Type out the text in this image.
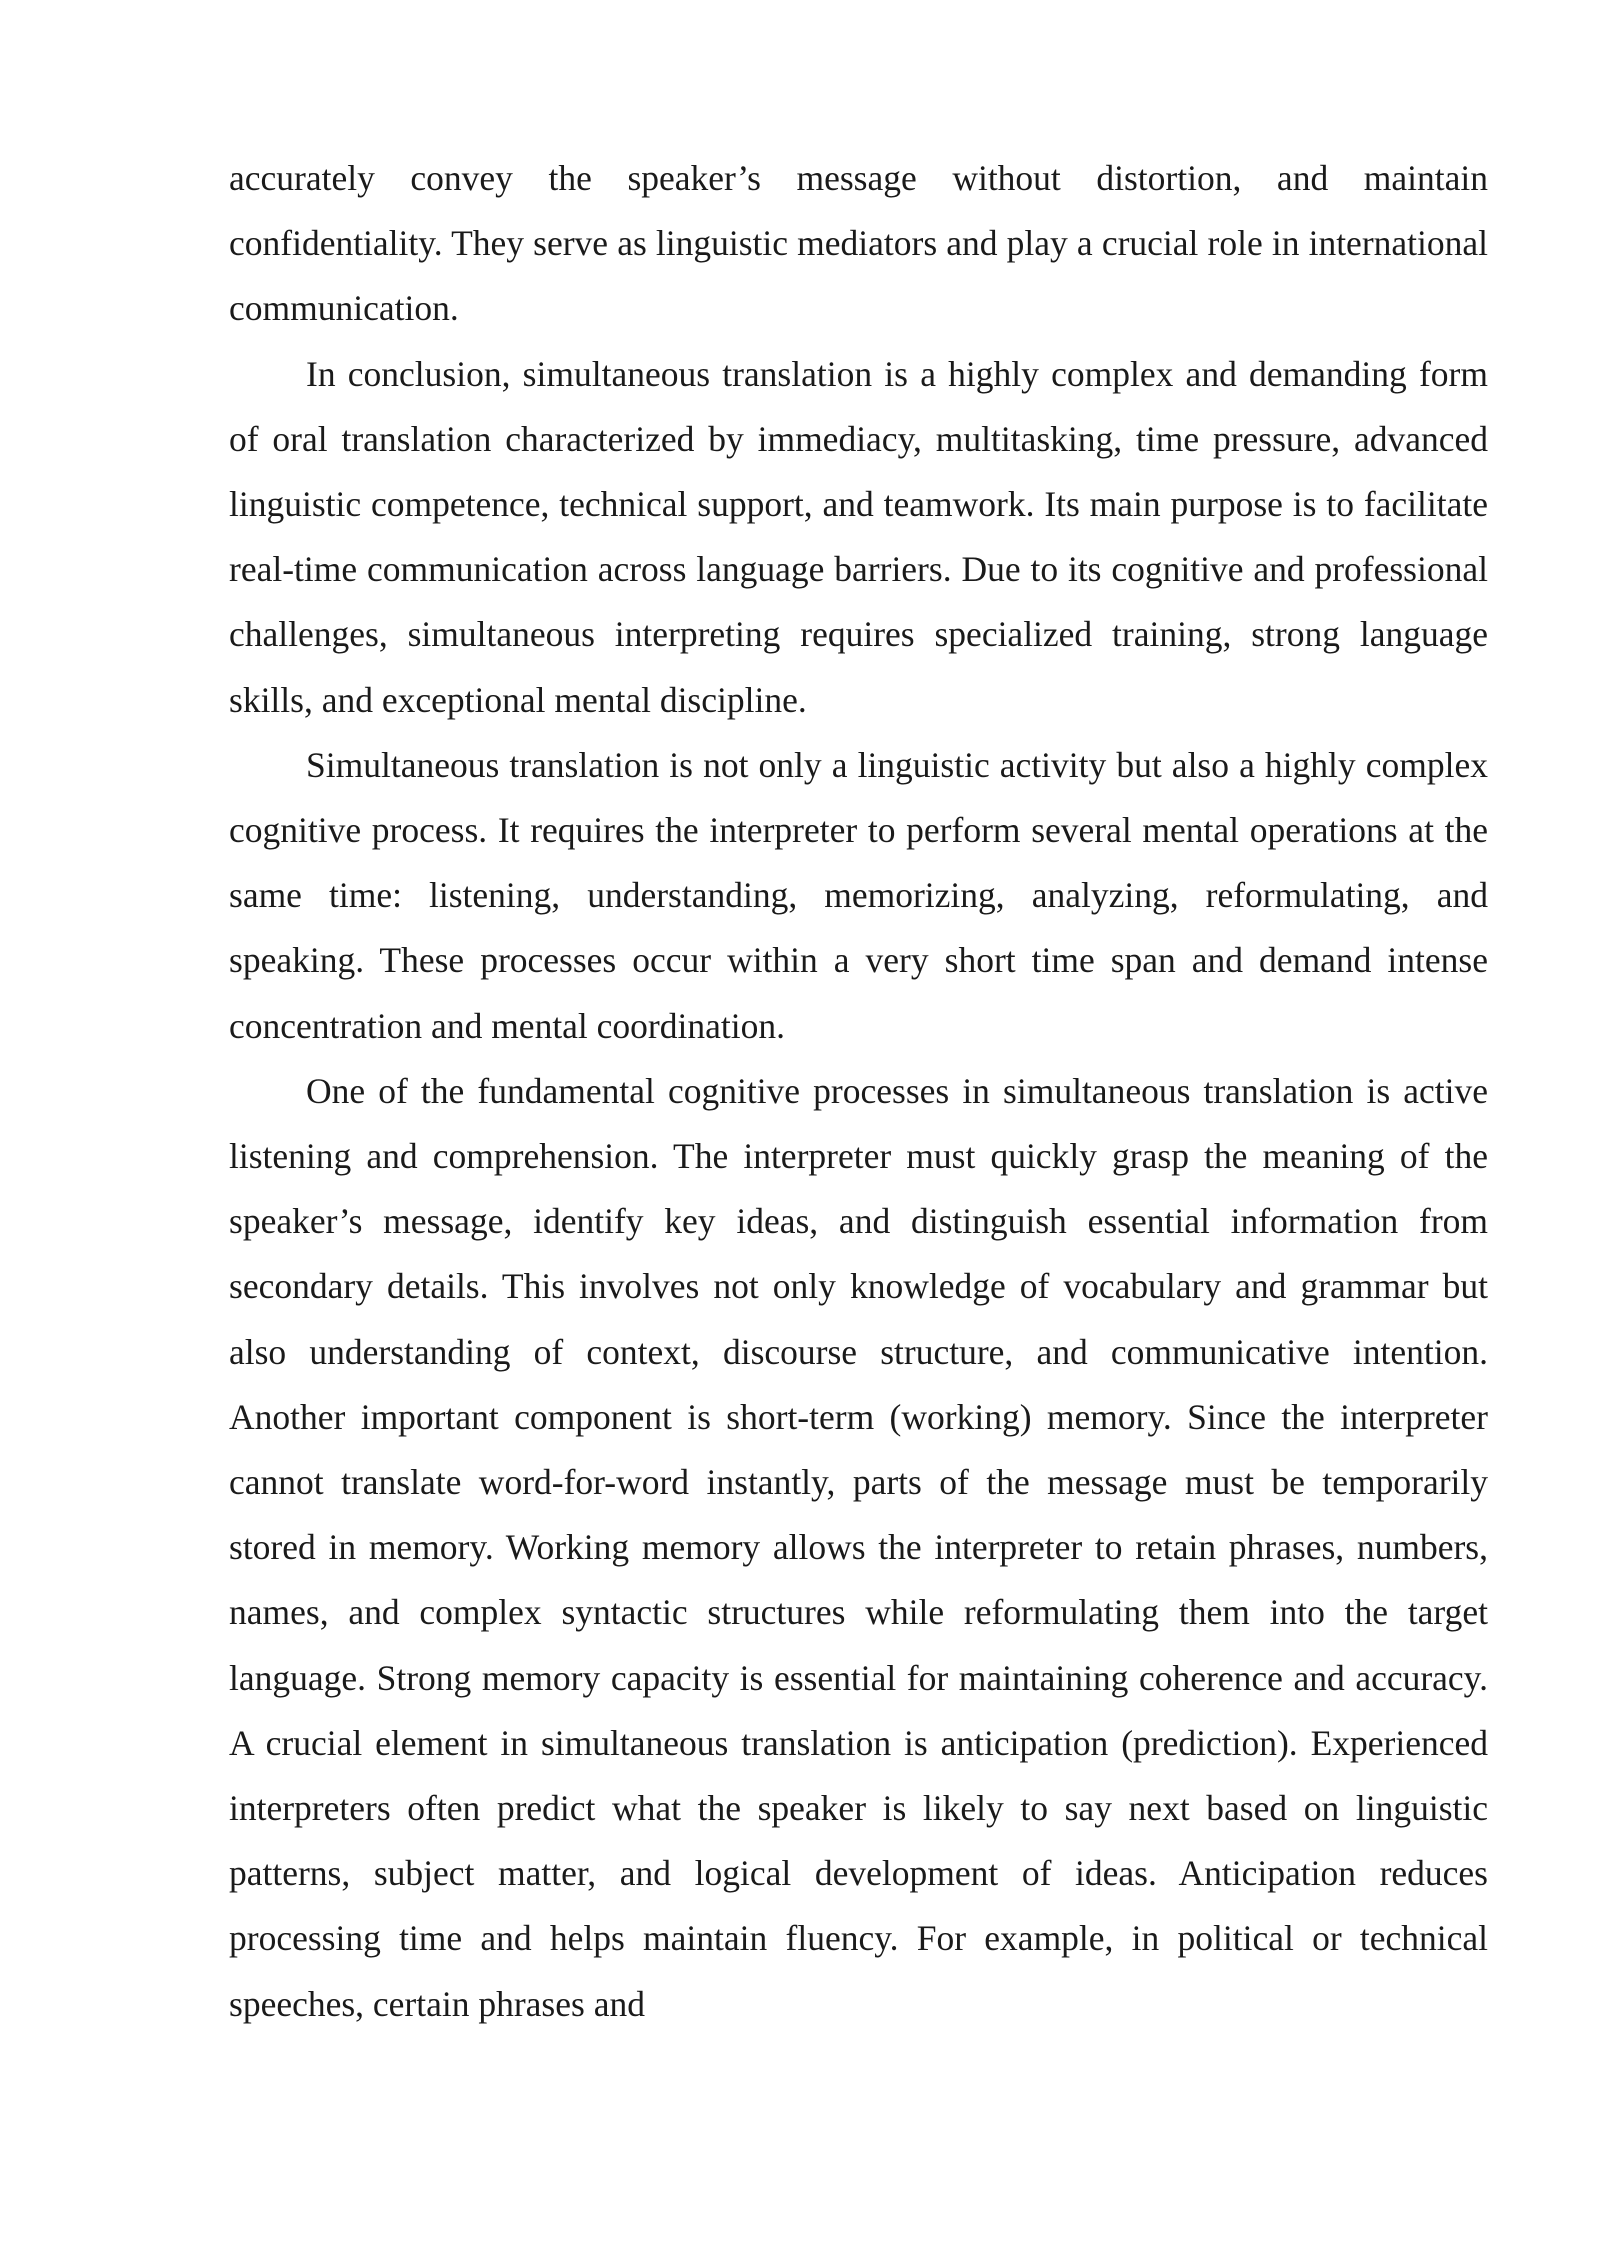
accurately convey the speaker’s message without distortion, and maintain confidentiality. They serve as linguistic mediators and play a crucial role in international communication.

In conclusion, simultaneous translation is a highly complex and demanding form of oral translation characterized by immediacy, multitasking, time pressure, advanced linguistic competence, technical support, and teamwork. Its main purpose is to facilitate real-time communication across language barriers. Due to its cognitive and professional challenges, simultaneous interpreting requires specialized training, strong language skills, and exceptional mental discipline.

Simultaneous translation is not only a linguistic activity but also a highly complex cognitive process. It requires the interpreter to perform several mental operations at the same time: listening, understanding, memorizing, analyzing, reformulating, and speaking. These processes occur within a very short time span and demand intense concentration and mental coordination.

One of the fundamental cognitive processes in simultaneous translation is active listening and comprehension. The interpreter must quickly grasp the meaning of the speaker’s message, identify key ideas, and distinguish essential information from secondary details. This involves not only knowledge of vocabulary and grammar but also understanding of context, discourse structure, and communicative intention. Another important component is short-term (working) memory. Since the interpreter cannot translate word-for-word instantly, parts of the message must be temporarily stored in memory. Working memory allows the interpreter to retain phrases, numbers, names, and complex syntactic structures while reformulating them into the target language. Strong memory capacity is essential for maintaining coherence and accuracy. A crucial element in simultaneous translation is anticipation (prediction). Experienced interpreters often predict what the speaker is likely to say next based on linguistic patterns, subject matter, and logical development of ideas. Anticipation reduces processing time and helps maintain fluency. For example, in political or technical speeches, certain phrases and
